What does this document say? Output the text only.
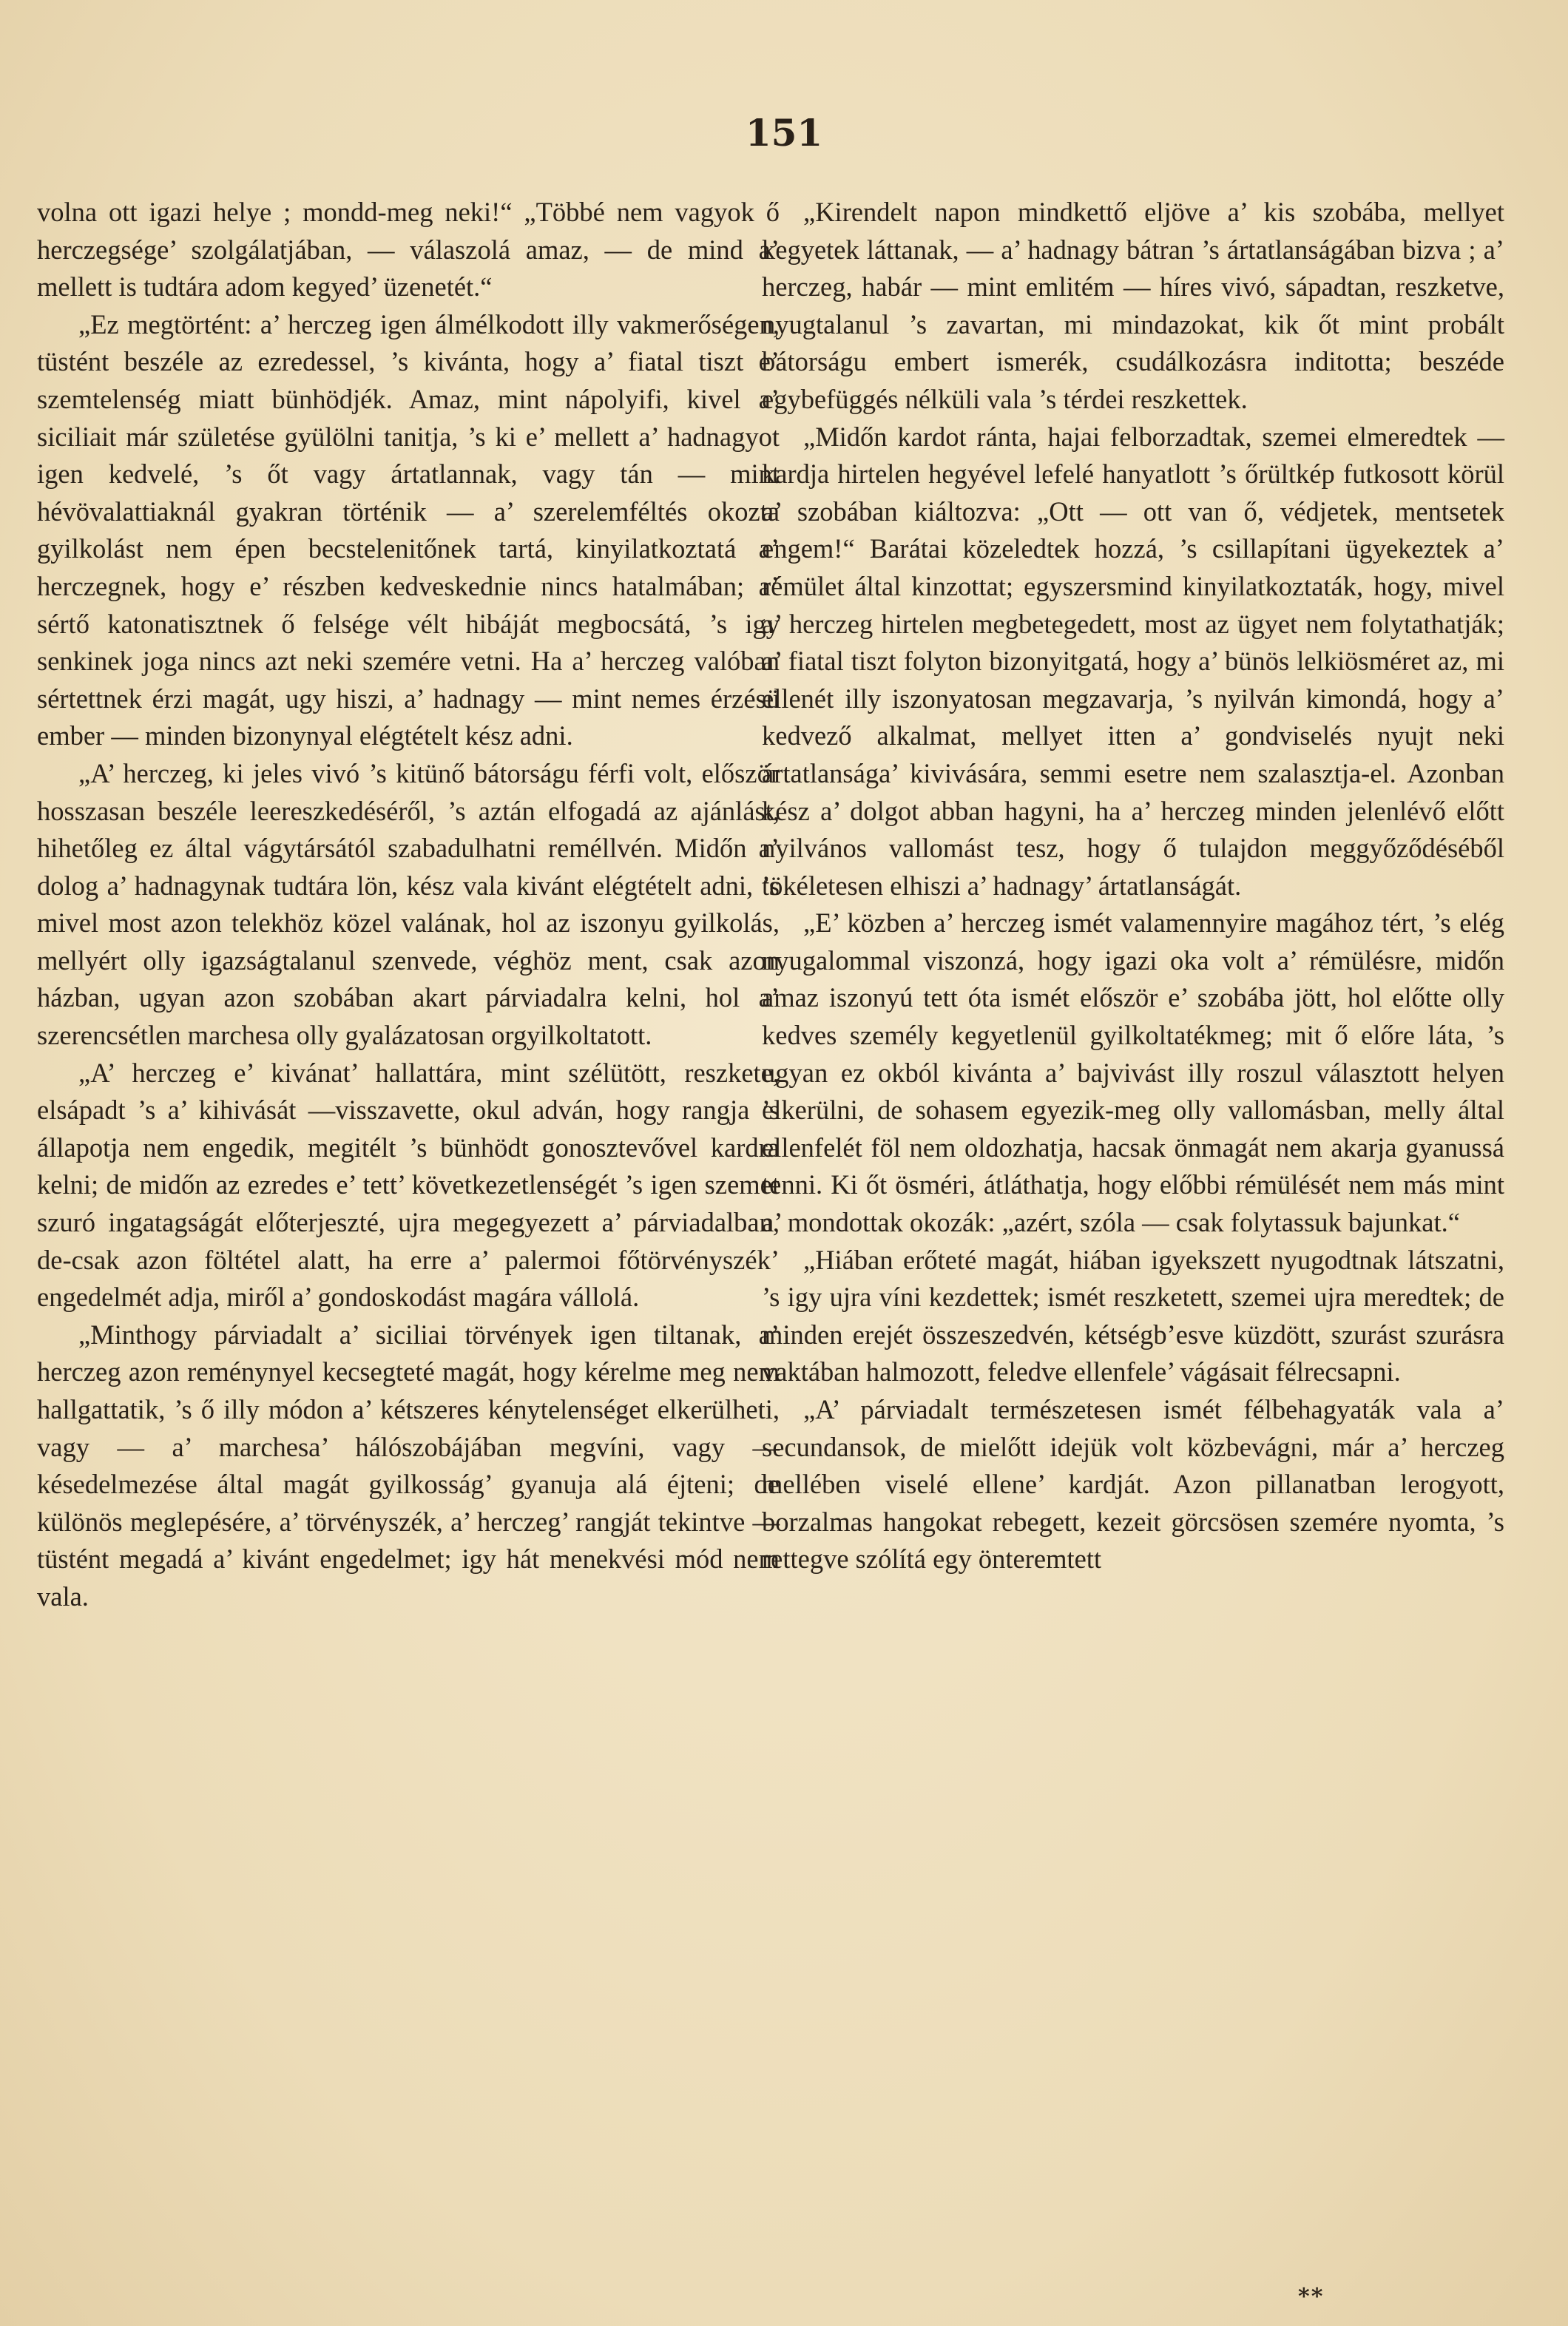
151

volna ott igazi helye ; mondd-meg neki!“ „Többé nem vagyok ő herczegsége’ szolgálatjában, — válaszolá amaz, — de mind a’ mellett is tudtára adom kegyed’ üzenetét.“

„Ez megtörtént: a’ herczeg igen álmélkodott illy vakmerőségen, tüstént beszéle az ezredessel, ’s kivánta, hogy a’ fiatal tiszt e’ szemtelenség miatt bünhödjék. Amaz, mint nápolyifi, kivel a’ siciliait már születése gyülölni tanitja, ’s ki e’ mellett a’ hadnagyot igen kedvelé, ’s őt vagy ártatlannak, vagy tán — mint hévövalattiaknál gyakran történik — a’ szerelemféltés okozta gyilkolást nem épen becstelenitőnek tartá, kinyilatkoztatá a’ herczegnek, hogy e’ részben kedveskednie nincs hatalmában; a’ sértő katonatisztnek ő felsége vélt hibáját megbocsátá, ’s igy senkinek joga nincs azt neki szemére vetni. Ha a’ herczeg valóban sértettnek érzi magát, ugy hiszi, a’ hadnagy — mint nemes érzésü ember — minden bizonynyal elégtételt kész adni.

„A’ herczeg, ki jeles vivó ’s kitünő bátorságu férfi volt, először hosszasan beszéle leereszkedéséről, ’s aztán elfogadá az ajánlást, hihetőleg ez által vágytársától szabadulhatni reméllvén. Midőn a’ dolog a’ hadnagynak tudtára lön, kész vala kivánt elégtételt adni, ’s mivel most azon telekhöz közel valának, hol az iszonyu gyilkolás, mellyért olly igazságtalanul szenvede, véghöz ment, csak azon házban, ugyan azon szobában akart párviadalra kelni, hol a’ szerencsétlen marchesa olly gyalázatosan orgyilkoltatott.

„A’ herczeg e’ kivánat’ hallattára, mint szélütött, reszkete, elsápadt ’s a’ kihivását —visszavette, okul adván, hogy rangja ’s állapotja nem engedik, megitélt ’s bünhödt gonosztevővel kardra kelni; de midőn az ezredes e’ tett’ következetlenségét ’s igen szemet szuró ingatagságát előterjeszté, ujra megegyezett a’ párviadalban, de-csak azon föltétel alatt, ha erre a’ palermoi főtörvényszék’ engedelmét adja, miről a’ gondoskodást magára vállolá.

„Minthogy párviadalt a’ siciliai törvények igen tiltanak, a’ herczeg azon reménynyel kecsegteté magát, hogy kérelme meg nem hallgattatik, ’s ő illy módon a’ kétszeres kénytelenséget elkerülheti, vagy — a’ marchesa’ hálószobájában megvíni, vagy — késedelmezése által magát gyilkosság’ gyanuja alá éjteni; de különös meglepésére, a’ törvényszék, a’ herczeg’ rangját tekintve — tüstént megadá a’ kivánt engedelmet; igy hát menekvési mód nem vala.

„Kirendelt napon mindkettő eljöve a’ kis szobába, mellyet kegyetek láttanak, — a’ hadnagy bátran ’s ártatlanságában bizva ; a’ herczeg, habár — mint emlitém — híres vivó, sápadtan, reszketve, nyugtalanul ’s zavartan, mi mindazokat, kik őt mint probált bátorságu embert ismerék, csudálkozásra inditotta; beszéde egybefüggés nélküli vala ’s térdei reszkettek.

„Midőn kardot ránta, hajai felborzadtak, szemei elmeredtek — kardja hirtelen hegyével lefelé hanyatlott ’s őrültkép futkosott körül a’ szobában kiáltozva: „Ott — ott van ő, védjetek, mentsetek engem!“ Barátai közeledtek hozzá, ’s csillapítani ügyekeztek a’ rémület által kinzottat; egyszersmind kinyilatkoztaták, hogy, mivel a’ herczeg hirtelen megbetegedett, most az ügyet nem folytathatják; a’ fiatal tiszt folyton bizonyitgatá, hogy a’ bünös lelkiösméret az, mi ellenét illy iszonyatosan megzavarja, ’s nyilván kimondá, hogy a’ kedvező alkalmat, mellyet itten a’ gondviselés nyujt neki ártatlansága’ kivivására, semmi esetre nem szalasztja-el. Azonban kész a’ dolgot abban hagyni, ha a’ herczeg minden jelenlévő előtt nyilvános vallomást tesz, hogy ő tulajdon meggyőződéséből tökéletesen elhiszi a’ hadnagy’ ártatlanságát.

„E’ közben a’ herczeg ismét valamennyire magához tért, ’s elég nyugalommal viszonzá, hogy igazi oka volt a’ rémülésre, midőn amaz iszonyú tett óta ismét először e’ szobába jött, hol előtte olly kedves személy kegyetlenül gyilkoltatékmeg; mit ő előre láta, ’s ugyan ez okból kivánta a’ bajvivást illy roszul választott helyen elkerülni, de sohasem egyezik-meg olly vallomásban, melly által ellenfelét föl nem oldozhatja, hacsak önmagát nem akarja gyanussá tenni. Ki őt ösméri, átláthatja, hogy előbbi rémülését nem más mint a’ mondottak okozák: „azért, szóla — csak folytassuk bajunkat.“

„Hiában erőteté magát, hiában igyekszett nyugodtnak látszatni, ’s igy ujra víni kezdettek; ismét reszketett, szemei ujra meredtek; de minden erejét összeszedvén, kétségb’esve küzdött, szurást szurásra vaktában halmozott, feledve ellenfele’ vágásait félrecsapni.

„A’ párviadalt természetesen ismét félbehagyaták vala a’ secundansok, de mielőtt idejük volt közbevágni, már a’ herczeg mellében viselé ellene’ kardját. Azon pillanatban lerogyott, borzalmas hangokat rebegett, kezeit görcsösen szemére nyomta, ’s rettegve szólítá egy önteremtett

**
